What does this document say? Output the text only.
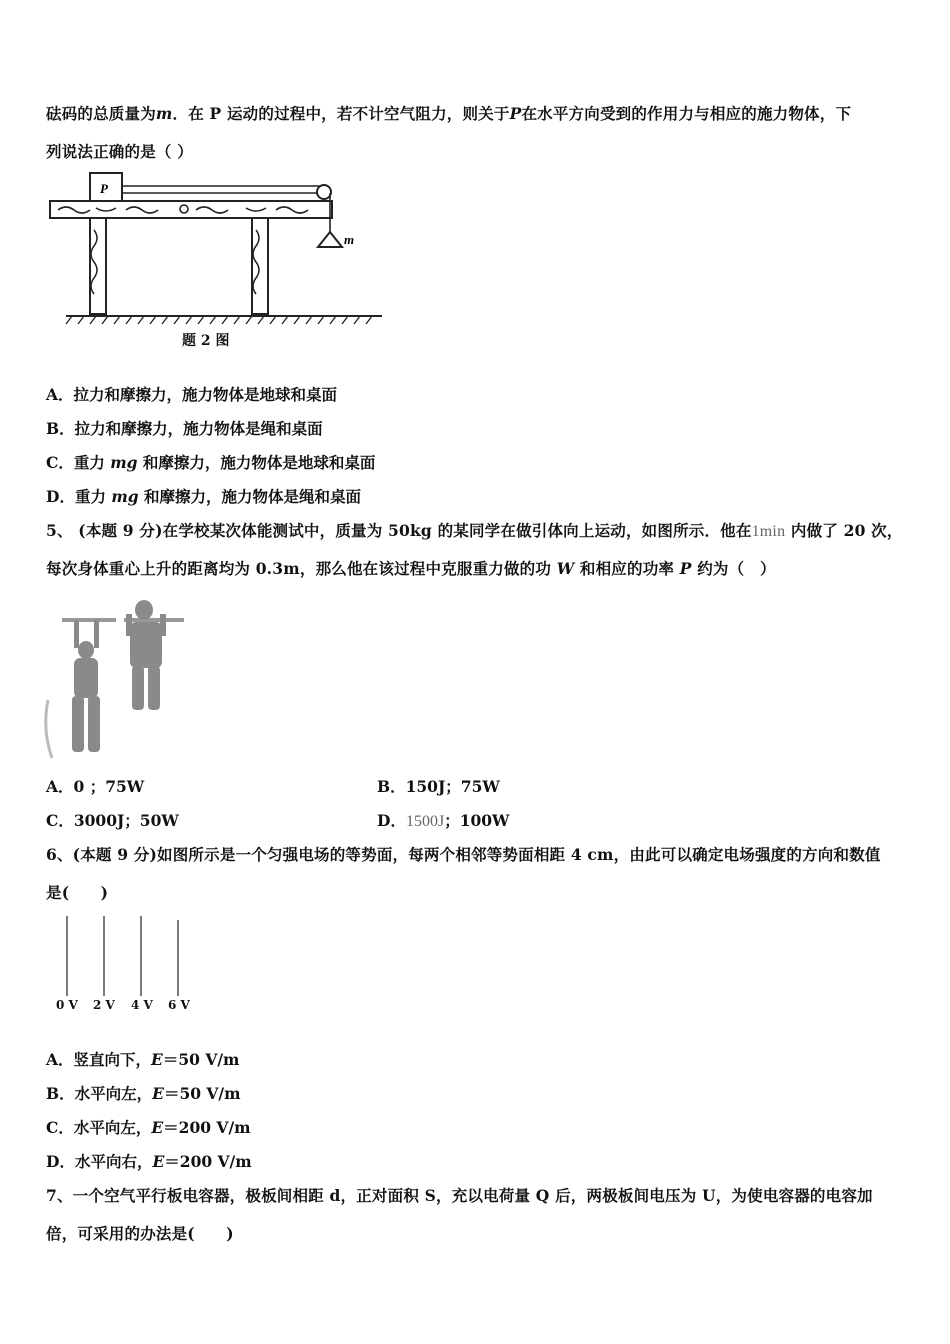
砝码的总质量为m．在 P 运动的过程中，若不计空气阻力，则关于P在水平方向受到的作用力与相应的施力物体，下
列说法正确的是（ ）
P
m
题 2 图
A．拉力和摩擦力，施力物体是地球和桌面
B．拉力和摩擦力，施力物体是绳和桌面
C．重力 mg 和摩擦力，施力物体是地球和桌面
D．重力 mg 和摩擦力，施力物体是绳和桌面
5、 (本题 9 分)在学校某次体能测试中，质量为 50kg 的某同学在做引体向上运动，如图所示．他在1min 内做了 20 次，
每次身体重心上升的距离均为 0.3m，那么他在该过程中克服重力做的功 W 和相应的功率 P 约为（　）
A．0 ；75W	B．150J；75W
C．3000J；50W	D．1500J；100W
6、(本题 9 分)如图所示是一个匀强电场的等势面，每两个相邻等势面相距 4 cm，由此可以确定电场强度的方向和数值
是(　　)
0 V 2 V 4 V 6 V
A．竖直向下，E＝50 V/m
B．水平向左，E＝50 V/m
C．水平向左，E＝200 V/m
D．水平向右，E＝200 V/m
7、一个空气平行板电容器，极板间相距 d，正对面积 S，充以电荷量 Q 后，两极板间电压为 U，为使电容器的电容加
倍，可采用的办法是(　　)
